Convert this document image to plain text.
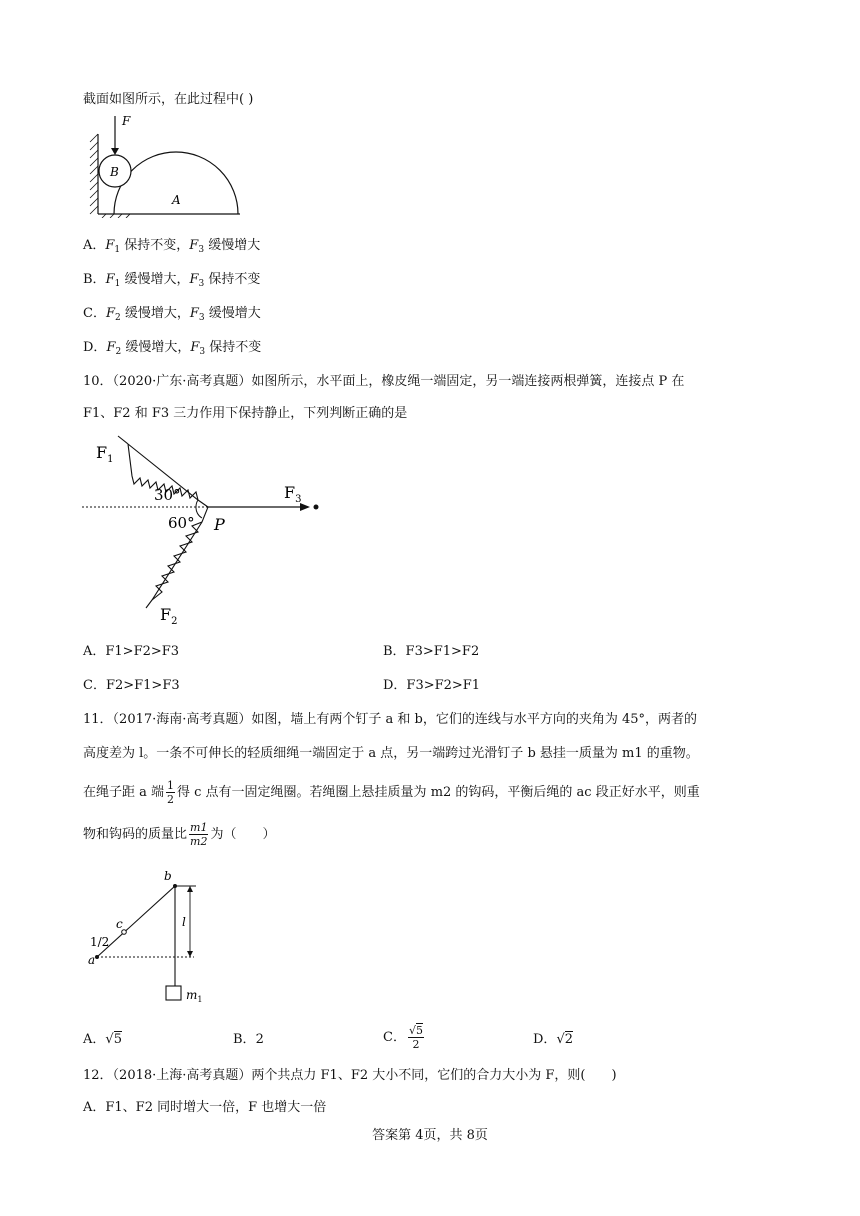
截面如图所示，在此过程中( )
F
B
A
A．$F_1$ 保持不变，$F_3$ 缓慢增大
B．$F_1$ 缓慢增大，$F_3$ 保持不变
C．$F_2$ 缓慢增大，$F_3$ 缓慢增大
D．$F_2$ 缓慢增大，$F_3$ 保持不变
10．（2020·广东·高考真题）如图所示，水平面上，橡皮绳一端固定，另一端连接两根弹簧，连接点 P 在
F1、F2 和 F3 三力作用下保持静止，下列判断正确的是
$F_1$
30°
60° P
$F_3$
$F_2$
A．F1>F2>F3	B．F3>F1>F2
C．F2>F1>F3	D．F3>F2>F1
11．（2017·海南·高考真题）如图，墙上有两个钉子 a 和 b，它们的连线与水平方向的夹角为 45°，两者的
高度差为 l。一条不可伸长的轻质细绳一端固定于 a 点，另一端跨过光滑钉子 b 悬挂一质量为 m1 的重物。
在绳子距 a 端 $\frac{1}{2}$ 得 c 点有一固定绳圈。若绳圈上悬挂质量为 m2 的钩码，平衡后绳的 ac 段正好水平，则重
物和钩码的质量比 $\frac{m1}{m2}$ 为（　　）
b
c
a
1/2
l
$m_1$
A．√5	B．2	C． $\frac{√5}{2}$	D．√2
12．（2018·上海·高考真题）两个共点力 F1、F2 大小不同，它们的合力大小为 F，则(　　)
A．F1、F2 同时增大一倍，F 也增大一倍
答案第 4页，共 8页
